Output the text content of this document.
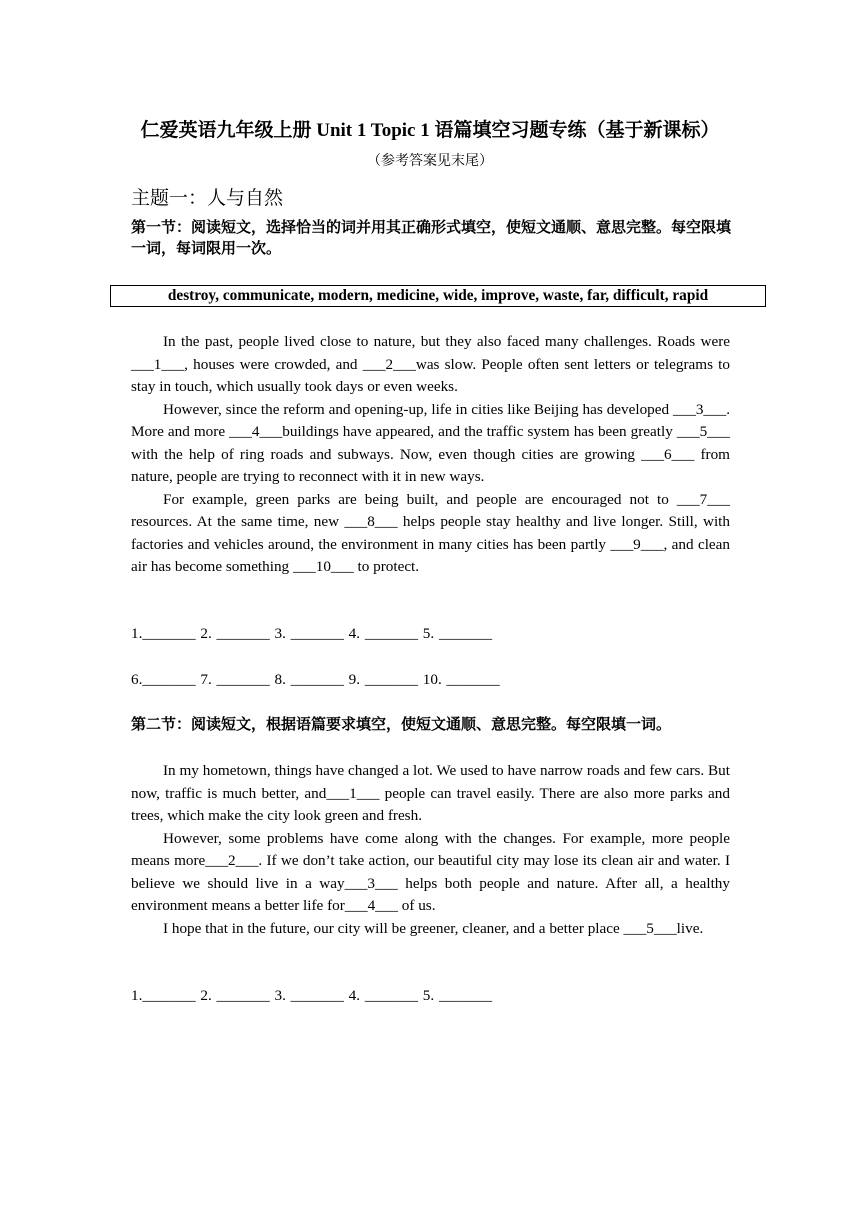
仁爱英语九年级上册 Unit 1 Topic 1 语篇填空习题专练（基于新课标）
（参考答案见末尾）
主题一：人与自然
第一节：阅读短文，选择恰当的词并用其正确形式填空，使短文通顺、意思完整。每空限填一词，每词限用一次。
destroy, communicate, modern, medicine, wide, improve, waste, far, difficult, rapid

In the past, people lived close to nature, but they also faced many challenges. Roads were ___1___, houses were crowded, and ___2___was slow. People often sent letters or telegrams to stay in touch, which usually took days or even weeks.

However, since the reform and opening-up, life in cities like Beijing has developed ___3___. More and more ___4___buildings have appeared, and the traffic system has been greatly ___5___ with the help of ring roads and subways. Now, even though cities are growing ___6___ from nature, people are trying to reconnect with it in new ways.

For example, green parks are being built, and people are encouraged not to ___7___ resources. At the same time, new ___8___ helps people stay healthy and live longer. Still, with factories and vehicles around, the environment in many cities has been partly ___9___, and clean air has become something ___10___ to protect.

1._______ 2. _______ 3. _______ 4. _______ 5. _______
6._______ 7. _______ 8. _______ 9. _______ 10. _______
第二节：阅读短文，根据语篇要求填空，使短文通顺、意思完整。每空限填一词。

In my hometown, things have changed a lot. We used to have narrow roads and few cars. But now, traffic is much better, and___1___ people can travel easily. There are also more parks and trees, which make the city look green and fresh.

However, some problems have come along with the changes. For example, more people means more___2___. If we don’t take action, our beautiful city may lose its clean air and water. I believe we should live in a way___3___ helps both people and nature. After all, a healthy environment means a better life for___4___ of us.

I hope that in the future, our city will be greener, cleaner, and a better place ___5___live.

1._______ 2. _______ 3. _______ 4. _______ 5. _______
